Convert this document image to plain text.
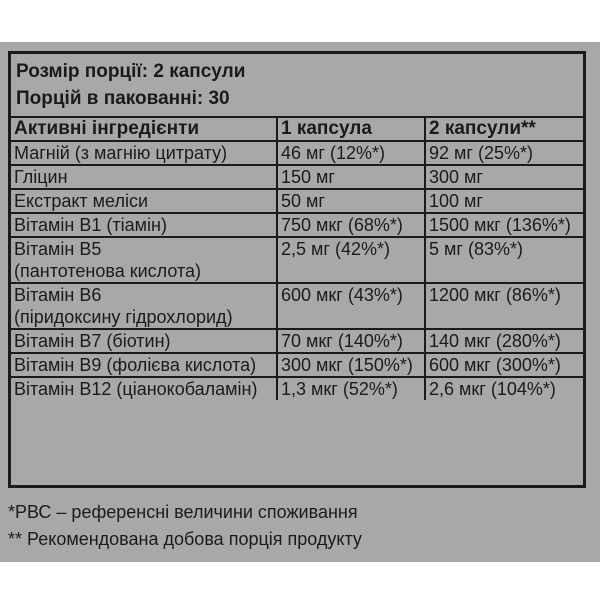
Розмір порції: 2 капсули
Порцій в пакованні: 30
Активні інгредієнти	1 капсула	2 капсули**

Магній (з магнію цитрату)	46 мг (12%*)	92 мг (25%*)

Гліцин	150 мг	300 мг

Екстракт меліси	50 мг	100 мг

Вітамін В1 (тіамін)	750 мкг (68%*)	1500 мкг (136%*)

Вітамін В5
(пантотенова кислота)	2,5 мг (42%*)	5 мг (83%*)

Вітамін В6
(піридоксину гідрохлорид)	600 мкг (43%*)	1200 мкг (86%*)

Вітамін В7 (біотин)	70 мкг (140%*)	140 мкг (280%*)

Вітамін В9 (фолієва кислота)	300 мкг (150%*)	600 мкг (300%*)

Вітамін В12 (ціанокобаламін)	1,3 мкг (52%*)	2,6 мкг (104%*)
*РВС – референсні величини споживання
** Рекомендована добова порція продукту
